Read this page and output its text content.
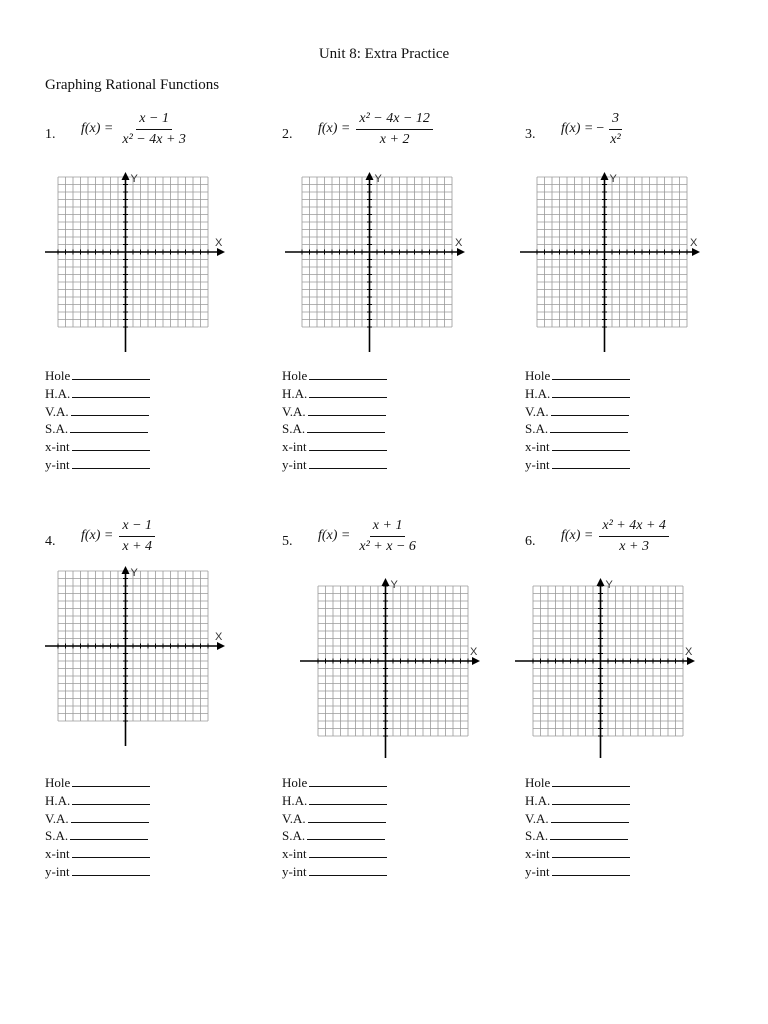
Unit 8: Extra Practice
Graphing Rational Functions
1. $f(x) = \frac{x - 1}{\text{x² − 4x + 3}}$
X
Y
Hole
H.A.
V.A.
S.A.
x-int
y-int
2. $f(x) = \frac{\text{x² − 4x − 12}}{x + 2}$
X
Y
Hole
H.A.
V.A.
S.A.
x-int
y-int
3. f(x) = − $\frac{3}{\text{x²}}$
X
Y
Hole
H.A.
V.A.
S.A.
x-int
y-int
4. $f(x) = \frac{x - 1}{x + 4}$
X
Y
Hole
H.A.
V.A.
S.A.
x-int
y-int
5. $f(x) = \frac{x + 1}{\text{x² + x − 6}}$
X
Y
Hole
H.A.
V.A.
S.A.
x-int
y-int
6. $f(x) = \frac{\text{x² + 4x + 4}}{x + 3}$
X
Y
Hole
H.A.
V.A.
S.A.
x-int
y-int
